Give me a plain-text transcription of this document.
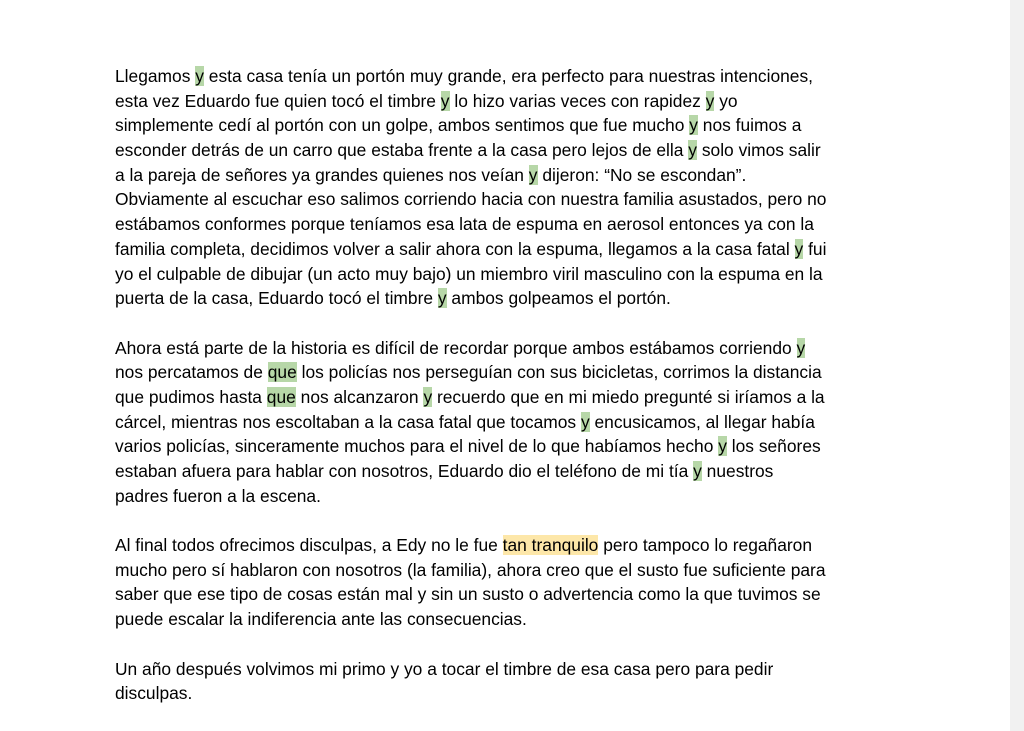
Llegamos y esta casa tenía un portón muy grande, era perfecto para nuestras intenciones,
esta vez Eduardo fue quien tocó el timbre y lo hizo varias veces con rapidez y yo
simplemente cedí al portón con un golpe, ambos sentimos que fue mucho y nos fuimos a
esconder detrás de un carro que estaba frente a la casa pero lejos de ella y solo vimos salir
a la pareja de señores ya grandes quienes nos veían y dijeron: “No se escondan”.
Obviamente al escuchar eso salimos corriendo hacia con nuestra familia asustados, pero no
estábamos conformes porque teníamos esa lata de espuma en aerosol entonces ya con la
familia completa, decidimos volver a salir ahora con la espuma, llegamos a la casa fatal y fui
yo el culpable de dibujar (un acto muy bajo) un miembro viril masculino con la espuma en la
puerta de la casa, Eduardo tocó el timbre y ambos golpeamos el portón.
Ahora está parte de la historia es difícil de recordar porque ambos estábamos corriendo y
nos percatamos de que los policías nos perseguían con sus bicicletas, corrimos la distancia
que pudimos hasta que nos alcanzaron y recuerdo que en mi miedo pregunté si iríamos a la
cárcel, mientras nos escoltaban a la casa fatal que tocamos y encusicamos, al llegar había
varios policías, sinceramente muchos para el nivel de lo que habíamos hecho y los señores
estaban afuera para hablar con nosotros, Eduardo dio el teléfono de mi tía y nuestros
padres fueron a la escena.
Al final todos ofrecimos disculpas, a Edy no le fue tan tranquilo pero tampoco lo regañaron
mucho pero sí hablaron con nosotros (la familia), ahora creo que el susto fue suficiente para
saber que ese tipo de cosas están mal y sin un susto o advertencia como la que tuvimos se
puede escalar la indiferencia ante las consecuencias.
Un año después volvimos mi primo y yo a tocar el timbre de esa casa pero para pedir
disculpas.
